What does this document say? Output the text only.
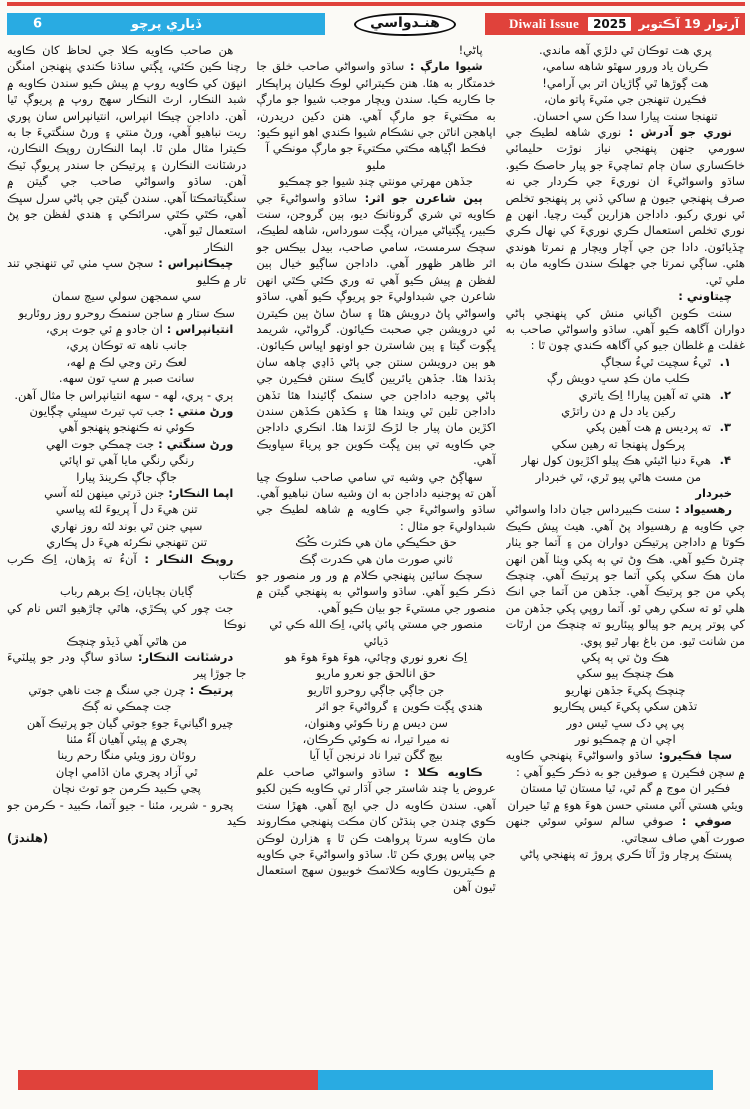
6	ڏياري پرچو	هنـدواسي	آرتوار 19 آڪتوبر
2025
Diwali Issue
پري هت توڪان ٿي دلڙي آهه ماندي.
ڪريان ياد ورور سهٿو شاهه سامي،
هت ڳوڙها ٿي ڳاڙيان اتر بي آرامي!
فڪيرن تنهنجن جي مٽيءَ پاتو مان،
تنهنجا سنت پيارا سدا ڪن سي احسان.
نوري جو آدرش : نوري شاهه لطيڪ جي سورمي جنهن پنهنجي نياز نوڙت حليمائي خاڪساري سان ڄام تماچيءَ جو پيار حاصڪ ڪيو. ساڌو واسواڻيءَ ان نوريءَ جي ڪردار جي نه صرف پنهنجي جيون ۾ ساکي ڏني پر پنهنجو تخلص ئي نوري رکيو. داداجن هزارين گيت رچيا. انهن ۾ نوري تخلص استعمال ڪري نوريءَ کي نهال ڪري ڇڏيائون. دادا جن جي آچار ويچار ۾ نمرتا هوندي هئي. ساڳي نمرتا جي جهلڪ سندن ڪاويه مان به ملي ٿي.
چيتاوني :
سنت ڪوين اگياني منش کي پنهنجي ٻاڻي دواران آگاهه ڪيو آهي. ساڌو واسواڻي صاحب به غفلت ۾ غلطان جيو کي آگاهه ڪندي چون ٿا :
١. ٿيءُ سچيت ٿيءُ سجاڳ
ڪلب مان ڪڍ سڀ دويش رڳ
٢. هتي ته آهين پيارا! اِڪ ياتري
رکين ياد دل ۾ دن راتڙي
٣. ته پرديس ۾ هت آهين پکي
پرڪول پنهنجا ته رهين سکي
۴. هيءَ دنيا اڻيئي هڪ پيلو اکڙيون کول نهار
من مست هاٿي پيو ٿري، ٿي خبردار
خبردار
رهسيواد : سنت ڪبيرداس جيان دادا واسواڻي جي ڪاويه ۾ رهسيواد پڻ آهي. هيٺ پيش ڪيڪ ڪوتا ۾ داداجن پرتيڪن دواران من ۽ آتما جو يٺار چترڻ ڪيو آهي. هڪ وڻ تي ٻه پکي ويٺا آهن انهن مان هڪ سکي پکي آتما جو پرتيڪ آهي. چنچڪ پکي من جو پرتيڪ آهي. جڏهن من آتما جي انڪ هلي ٿو ته سکي رهي ٿو. آتما روپي پکي جڏهن من کي پوتر پريم جو پيالو پيئاريو ته چنچڪ من ارٿات من شانت ٿيو. من باغ بهار ٿيو پوي.
هڪ وڻ تي ٻه پکي
هڪ چنچڪ ٻيو سکي
چنچڪ پکيءَ جڏهن نهاريو
تڏهن سکي پکيءَ کيس پڪاريو
پي پي دک سڀ ٿيس دور
اچي ان ۾ چمڪيو نور
سچا فڪيرو: ساڌو واسواڻيءَ پنهنجي ڪاويه ۾ سچن فڪيرن ۽ صوفين جو به ذڪر ڪيو آهي :
فڪير ان موج ۾ گم ٿي، ٿيا مستان ٿيا مستان
ويئي هستي آئي مستي حسن هوءَ هوءِ ۾ ٿيا حيران
صوفي : صوفي سالم سوئي سوئي جنهن صورت آهي صاف سڃاتي.
پستڪ پرچار وڙ آٿا ڪري پروڙ ته پنهنجي پاڻي
پاڻي!
شيوا مارڳ : ساڌو واسواڻي صاحب خلق جا خدمتگار به هئا. هنن ڪيترائي لوڪ ڪليان پراپڪار جا ڪاريه ڪيا. سندن ويچار موجب شيوا جو مارڳ به مڪتيءَ جو مارڳ آهي. هنن دکين دريدرن، اپاهجن اناٿن جي نشڪام شيوا ڪندي اهو انڀو ڪيو:
فڪط اڳياهه مڪتي مڪتيءَ جو مارڳ مونڪي آ مليو
جڏهن مهرتي مونتي چنڊ شيوا جو چمڪيو
ٻين شاعرن جو اثر: ساڌو واسواڻيءَ جي ڪاويه تي شري گرونانڪ ديو، ٻين گروجن، سنت ڪبير، ڀڳتياڻي ميران، ڀڳت سورداس، شاهه لطيڪ، سچڪ سرمست، سامي صاحب، بيدل بيڪس جو اثر ظاهر ظهور آهي. داداجن ساڳيو خيال ٻين لفظن ۾ پيش ڪيو آهي ته وري ڪٿي ڪٿي انهن شاعرن جي شبداوليءَ جو پريوڳ ڪيو آهي. ساڌو واسواڻي پاڻ درويش هئا ۽ ساڻ ساڻ ٻين ڪيترن ئي درويشن جي صحبت ڪيائون. گرواڻي، شريمد ڀڳوت گيتا ۽ ٻين شاسترن جو اونهو اڀياس ڪيائون. هو ٻين درويشن سنتن جي ٻاڻي ڏاڍي چاهه سان ٻڌندا هئا. جڏهن يائريين گايڪ سنتن فڪيرن جي ٻاڻي پوجيه داداجن جي سنمک ڳائيندا هئا تڏهن داداجن تلين ٿي ويندا هئا ۽ ڪڏهن ڪڏهن سندن اکڙين مان پيار جا لڙڪ لڙندا هئا. انڪري داداجن جي ڪاويه تي ٻين ڀڳت ڪوين جو پرياءَ سڀاويڪ آهي.
سهاڳڻ جي وشيه تي سامي صاحب سلوڪ چيا آهن ته پوجنيه داداجن به ان وشيه سان نباهيو آهي. ساڌو واسواڻيءَ جي ڪاويه ۾ شاهه لطيڪ جي شبداوليءَ جو مثال :
حق حڪيڪي مان هي ڪثرت ڪُڪ
ثاني صورت مان هي ڪدرت ڳڪ
سچڪ سائين پنهنجي ڪلام ۾ ور ور منصور جو ذڪر ڪيو آهي. ساڌو واسواڻي به پنهنجي گيتن ۾ منصور جي مستيءَ جو بيان ڪيو آهي.
منصور جي مستي پائي پائي، اِڪ الله ڪي ئي ڌيائي
اِڪ نعرو نوري وڄائي، هوءَ هوءَ هوءَ هو
حق انالحق جو نعرو ماريو
جن جاڳي جاڳي روحرو اٿاريو
هندي ڀڳت ڪوين ۽ گرواڻيءَ جو اثر
سن ديس ۾ رنا ڪوئي وهنوان،
نه ميرا تيرا، نه ڪوئي ڪرڪان،
بيچ گگن تيرا ناد نرنجن آيا آيا
ڪاويه ڪلا : ساڌو واسواڻي صاحب علم عروض يا چند شاستر جي آڌار تي ڪاويه ڪين لکيو آهي. سندن ڪاويه دل جي اپڄ آهي. ههڙا سنت ڪوي چندن جي ٻنڌڻن کان مڪت پنهنجي مڪاروند مان ڪاويه سرتا پرواهت ڪن ٿا ۽ هزارن لوڪن جي پياس پوري ڪن ٿا. ساڌو واسواڻيءَ جي ڪاويه ۾ ڪيتريون ڪاويه ڪلاتمڪ خوبيون سهج استعمال ٿيون آهن
هن صاحب ڪاويه ڪلا جي لحاظ کان ڪاويه رچنا ڪين ڪئي، ڀڳتي ساڌنا ڪندي پنهنجن امنگن انڀوَن کي ڪاويه روپ ۾ پيش ڪيو سندن ڪاويه ۾ شبد النڪار، ارٿ النڪار سهج روپ ۾ پريوڳ ٿيا آهن. داداجن چيڪا انپراس، انتيانپراس سان پوري ريت نباهيو آهي، ورڻ منتي ۽ ورڻ سنگتيءَ جا به ڪيترا مثال ملن ٿا. اپما النڪارن روپڪ النڪارن، درشٽانت النڪارن ۽ پرتيڪن جا سندر پريوڳ ٽيڪ آهن. ساڌو واسواڻي صاحب جي گيتن ۾ سنگيتاتمڪتا آهي. سندن گيتن جي ٻاڻي سرل سڀڪ آهي، ڪٿي ڪٿي سرائڪي ۽ هندي لفظن جو پڻ استعمال ٿيو آهي.
النڪار
چيڪانپراس : سڄڻ سڀ مٺي ٿي تنهنجي تند تار ۾ ڪليو
سي سمجهن سولي سيڄ سمان
سڪ ستار ۾ ساجن سنمڪ روحرو روز روئاريو
انتيانپراس : ان جادو ۾ ئي جوت ٻري،
جانب ناهه ته توڪان پري،
لعڪ رتن وڃي لڪ ۾ لهه،
سانت صبر ۾ سڀ تون سهه.
ٻري - پري، لهه - سهه انتيانپراس جا مثال آهن.
ورڻ منتي : جب تپ تيرٿ سڀيئي چڳايون
ڪوئي نه ڪنهنجو پنهنجو آهي
ورڻ سنگتي : جت چمڪي جوت الهي
رنگي رنگي مايا آهي تو اپائي
جاڳ جاڳ ڪرينڌ پيارا
اپما النڪار: جنن ڌرتي مينهن لئه آسي
تنن هيءَ دل آ پريوءَ لئه پياسي
سپي جنن ٿي بوند لئه روز نهاري
تنن تنهنجي نڪرئه هيءَ دل پڪاري
روپڪ النڪار : آنءُ ته پڙهان، اِڪ ڪرب ڪتاب
ڳايان بڄايان، اِڪ برهم رباب
جت چور کي پڪڙي، هاٿي چاڙهيو اٿس نام کي نوڪا
من هاٿي آهي ڏيڏو چنچڪ
درشٽانت النڪار: ساڌو ساڳ ودر جو پيلٽيءَ جا جوڙا پير
پرتيڪ : چرن جي سنگ ۾ جت ناهي جوتي
جت چمڪي نه ڳڪ
چيرو اگيانيءَ جوءِ جوتي گيان جو پرتيڪ آهن
پڃري ۾ پيئي آهيان آءٌ مئنا
روئان روز ويئي منگا رحم رينا
ٿي آزاد پڃري مان اڏامي اچان
پڃي ڪبيد ڪرمن جو توٽ نچان
پڃرو - شرير، مئنا - جيو آتما، ڪبيد - ڪرمن جو ڪيد
(هلندڙ)
